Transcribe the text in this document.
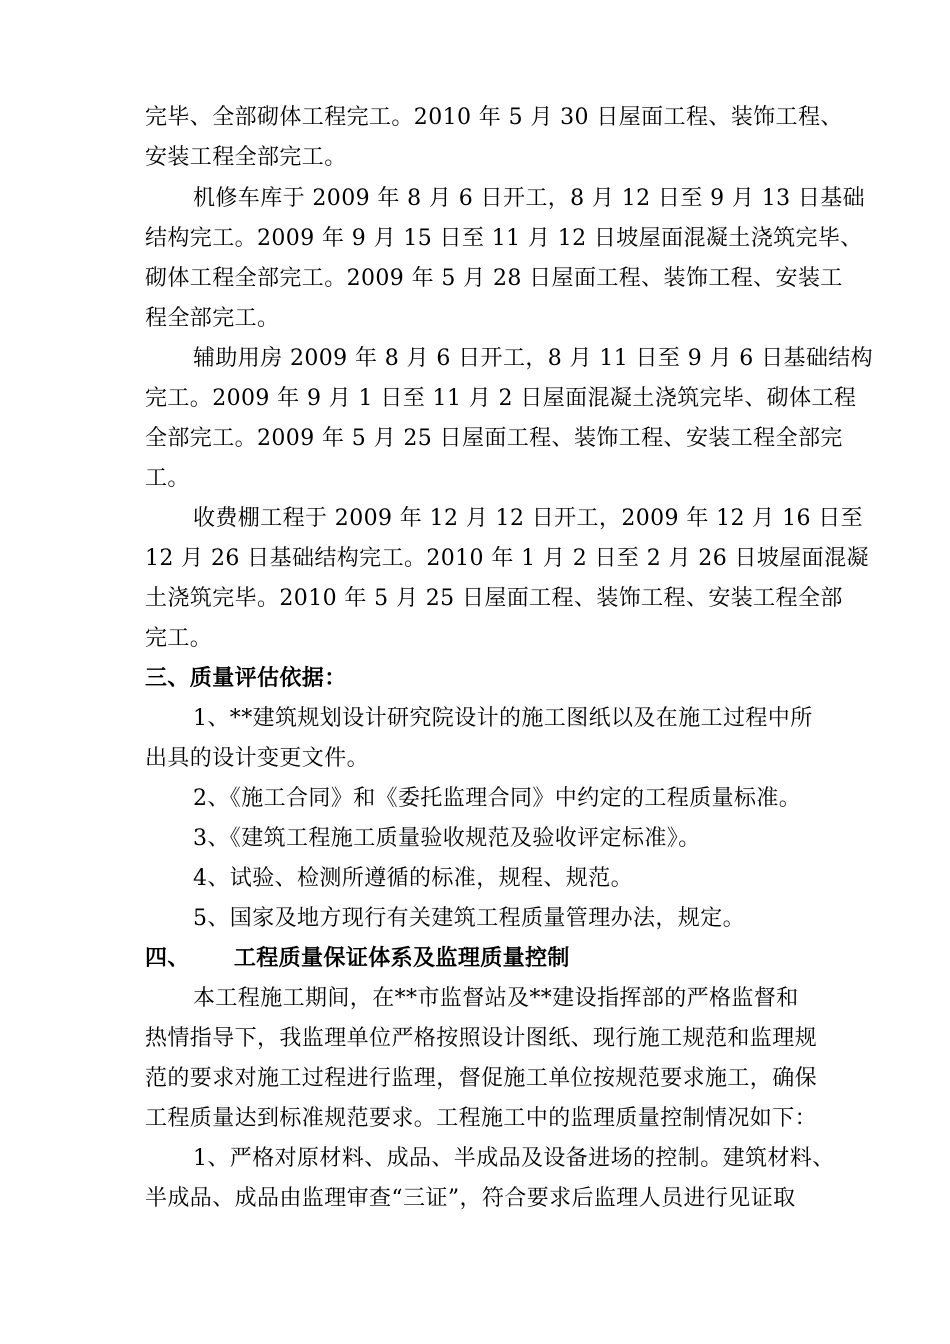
完毕、全部砌体工程完工。2010 年 5 月 30 日屋面工程、装饰工程、
安装工程全部完工。
机修车库于 2009 年 8 月 6 日开工，8 月 12 日至 9 月 13 日基础
结构完工。2009 年 9 月 15 日至 11 月 12 日坡屋面混凝土浇筑完毕、
砌体工程全部完工。2009 年 5 月 28 日屋面工程、装饰工程、安装工
程全部完工。
辅助用房 2009 年 8 月 6 日开工，8 月 11 日至 9 月 6 日基础结构
完工。2009 年 9 月 1 日至 11 月 2 日屋面混凝土浇筑完毕、砌体工程
全部完工。2009 年 5 月 25 日屋面工程、装饰工程、安装工程全部完
工。
收费棚工程于 2009 年 12 月 12 日开工，2009 年 12 月 16 日至
12 月 26 日基础结构完工。2010 年 1 月 2 日至 2 月 26 日坡屋面混凝
土浇筑完毕。2010 年 5 月 25 日屋面工程、装饰工程、安装工程全部
完工。
三、质量评估依据：
1、**建筑规划设计研究院设计的施工图纸以及在施工过程中所
出具的设计变更文件。
2、《施工合同》和《委托监理合同》中约定的工程质量标准。
3、《建筑工程施工质量验收规范及验收评定标准》。
4、试验、检测所遵循的标准，规程、规范。
5、国家及地方现行有关建筑工程质量管理办法，规定。
四、 工程质量保证体系及监理质量控制
本工程施工期间，在**市监督站及**建设指挥部的严格监督和
热情指导下，我监理单位严格按照设计图纸、现行施工规范和监理规
范的要求对施工过程进行监理，督促施工单位按规范要求施工，确保
工程质量达到标准规范要求。工程施工中的监理质量控制情况如下：
1、严格对原材料、成品、半成品及设备进场的控制。建筑材料、
半成品、成品由监理审查“三证”，符合要求后监理人员进行见证取
